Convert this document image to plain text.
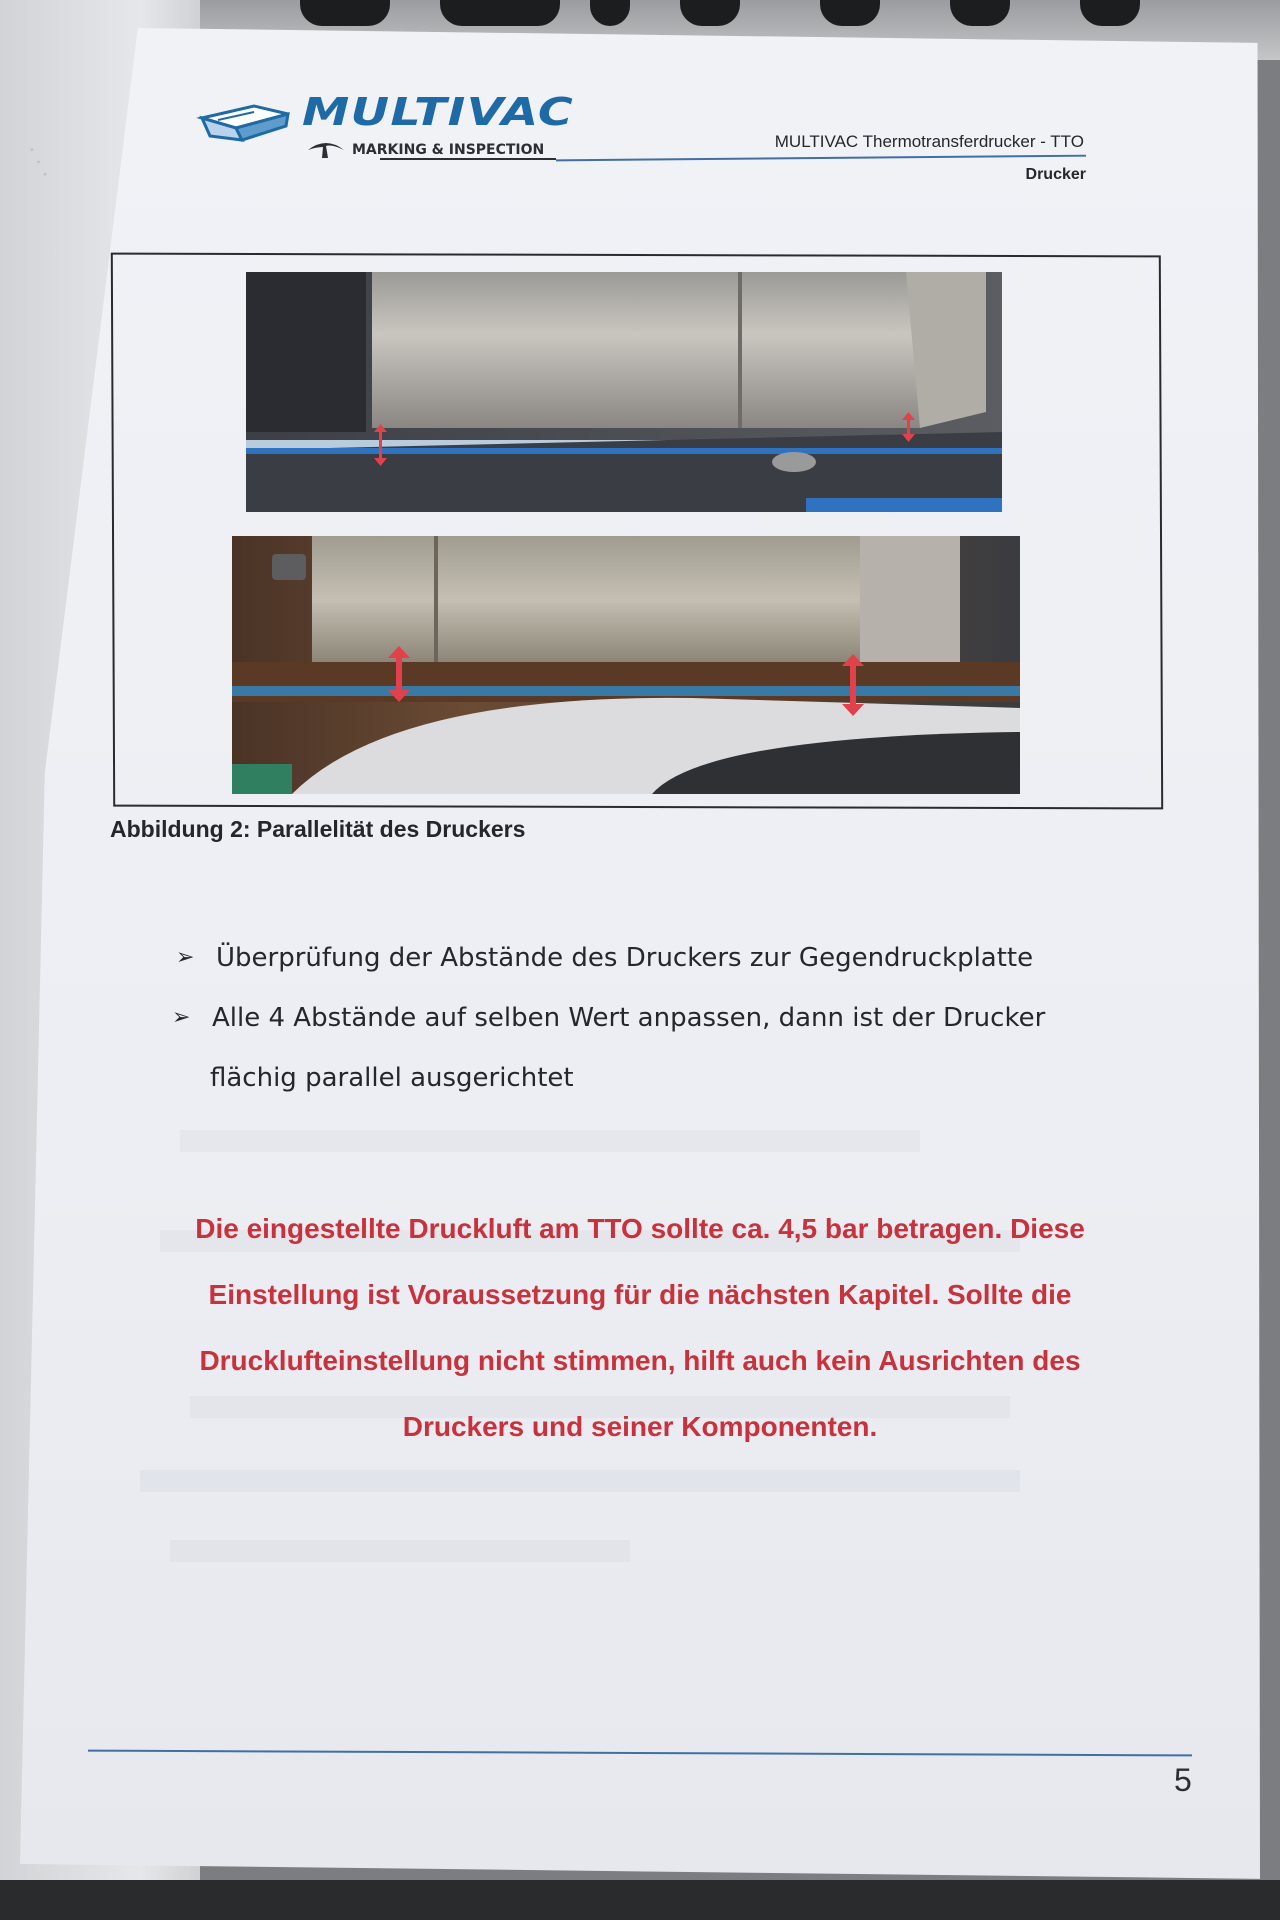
· · ·
MULTIVAC
MARKING & INSPECTION	MULTIVAC Thermotransferdrucker - TTO
Drucker
Abbildung 2: Parallelität des Druckers
➢ Überprüfung der Abstände des Druckers zur Gegendruckplatte
➢ Alle 4 Abstände auf selben Wert anpassen, dann ist der Drucker
flächig parallel ausgerichtet
Die eingestellte Druckluft am TTO sollte ca. 4,5 bar betragen. Diese
Einstellung ist Voraussetzung für die nächsten Kapitel. Sollte die
Drucklufteinstellung nicht stimmen, hilft auch kein Ausrichten des
Druckers und seiner Komponenten.
5
